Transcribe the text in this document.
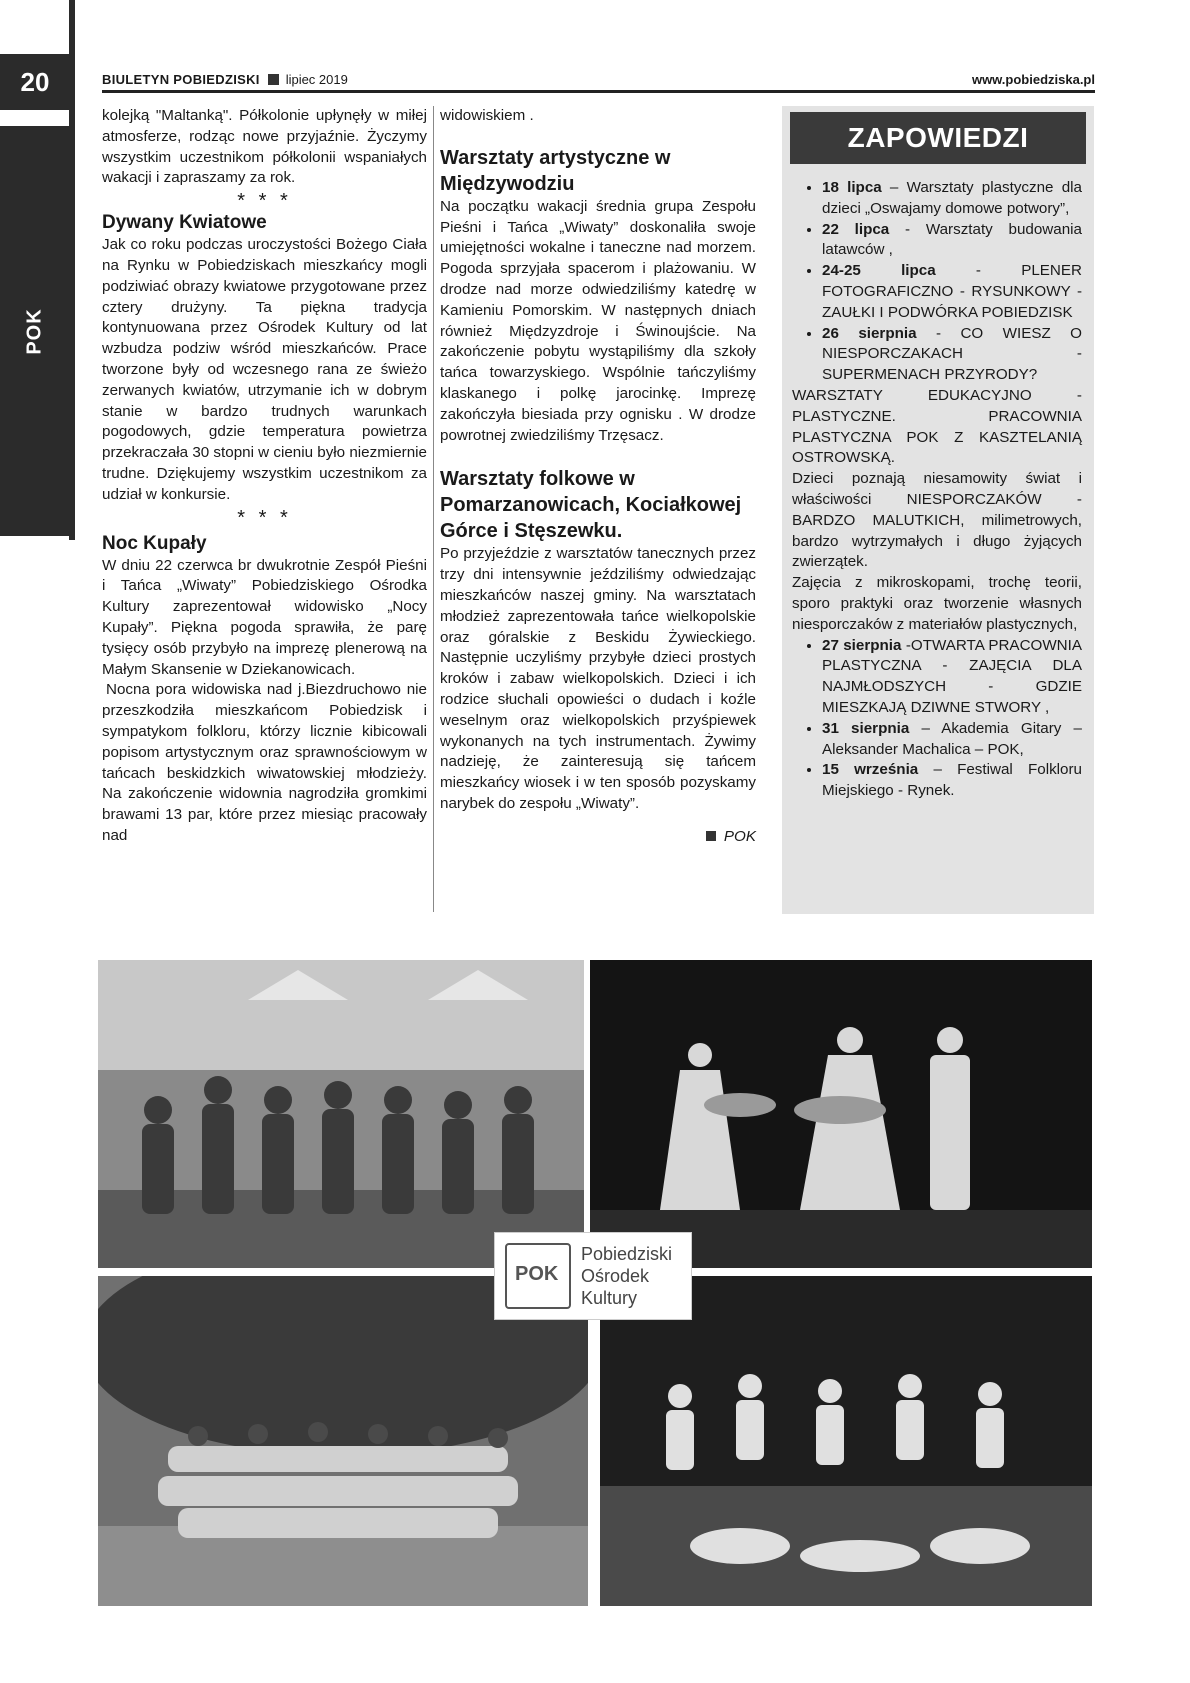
20
POK
BIULETYN POBIEDZISKI lipiec 2019	www.pobiedziska.pl

kolejką "Maltanką". Półkolonie upłynęły w miłej atmosferze, rodząc nowe przyjaźnie. Życzymy wszystkim uczestnikom półkolonii wspaniałych wakacji i zapraszamy za rok.

* * *
Dywany Kwiatowe

Jak co roku podczas uroczystości Bożego Ciała na Rynku w Pobiedziskach mieszkańcy mogli podziwiać obrazy kwiatowe przygotowane przez cztery drużyny. Ta piękna tradycja kontynuowana przez Ośrodek Kultury od lat wzbudza podziw wśród mieszkańców. Prace tworzone były od wczesnego rana ze świeżo zerwanych kwiatów, utrzymanie ich w dobrym stanie w bardzo trudnych warunkach pogodowych, gdzie temperatura powietrza przekraczała 30 stopni w cieniu było niezmiernie trudne. Dziękujemy wszystkim uczestnikom za udział w konkursie.

* * *
Noc Kupały

W dniu 22 czerwca br dwukrotnie Zespół Pieśni i Tańca „Wiwaty” Pobiedziskiego Ośrodka Kultury zaprezentował widowisko „Nocy Kupały”. Piękna pogoda sprawiła, że parę tysięcy osób przybyło na imprezę plenerową na Małym Skansenie w Dziekanowicach.

Nocna pora widowiska nad j.Biezdruchowo nie przeszkodziła mieszkańcom Pobiedzisk i sympatykom folkloru, którzy licznie kibicowali popisom artystycznym oraz sprawnościowym w tańcach beskidzkich wiwatowskiej młodzieży. Na zakończenie widownia nagrodziła gromkimi brawami 13 par, które przez miesiąc pracowały nad

widowiskiem .

Warsztaty artystyczne w Międzywodziu

Na początku wakacji średnia grupa Zespołu Pieśni i Tańca „Wiwaty” doskonaliła swoje umiejętności wokalne i taneczne nad morzem. Pogoda sprzyjała spacerom i plażowaniu. W drodze nad morze odwiedziliśmy katedrę w Kamieniu Pomorskim. W następnych dniach również Międzyzdroje i Świnoujście. Na zakończenie pobytu wystąpiliśmy dla szkoły tańca towarzyskiego. Wspólnie tańczyliśmy klaskanego i polkę jarocinkę. Imprezę zakończyła biesiada przy ognisku . W drodze powrotnej zwiedziliśmy Trzęsacz.

Warsztaty folkowe w Pomarzanowicach, Kociałkowej Górce i Stęszewku.

Po przyjeździe z warsztatów tanecznych przez trzy dni intensywnie jeździliśmy odwiedzając mieszkańców naszej gminy. Na warsztatach młodzież zaprezentowała tańce wielkopolskie oraz góralskie z Beskidu Żywieckiego. Następnie uczyliśmy przybyłe dzieci prostych kroków i zabaw wielkopolskich. Dzieci i ich rodzice słuchali opowieści o dudach i koźle weselnym oraz wielkopolskich przyśpiewek wykonanych na tych instrumentach. Żywimy nadzieję, że zainteresują się tańcem mieszkańcy wiosek i w ten sposób pozyskamy narybek do zespołu „Wiwaty”.

POK
ZAPOWIEDZI
• 18 lipca – Warsztaty plastyczne dla dzieci „Oswajamy domowe potwory”,
• 22 lipca - Warsztaty budowania latawców ,
• 24-25 lipca - PLENER FOTOGRAFICZNO - RYSUNKOWY - ZAUŁKI I PODWÓRKA POBIEDZISK
• 26 sierpnia - CO WIESZ O NIESPORCZAKACH - SUPERMENACH PRZYRODY?

WARSZTATY EDUKACYJNO - PLASTYCZNE. PRACOWNIA PLASTYCZNA POK Z KASZTELANIĄ OSTROWSKĄ.

Dzieci poznają niesamowity świat i właściwości NIESPORCZAKÓW - BARDZO MALUTKICH, milimetrowych, bardzo wytrzymałych i długo żyjących zwierzątek.

Zajęcia z mikroskopami, trochę teorii, sporo praktyki oraz tworzenie własnych niesporczaków z materiałów plastycznych,

• 27 sierpnia -OTWARTA PRACOWNIA PLASTYCZNA - ZAJĘCIA DLA NAJMŁODSZYCH - GDZIE MIESZKAJĄ DZIWNE STWORY ,
• 31 sierpnia – Akademia Gitary – Aleksander Machalica – POK,
• 15 września – Festiwal Folkloru Miejskiego - Rynek.
POK
Pobiedziski
Ośrodek
Kultury
